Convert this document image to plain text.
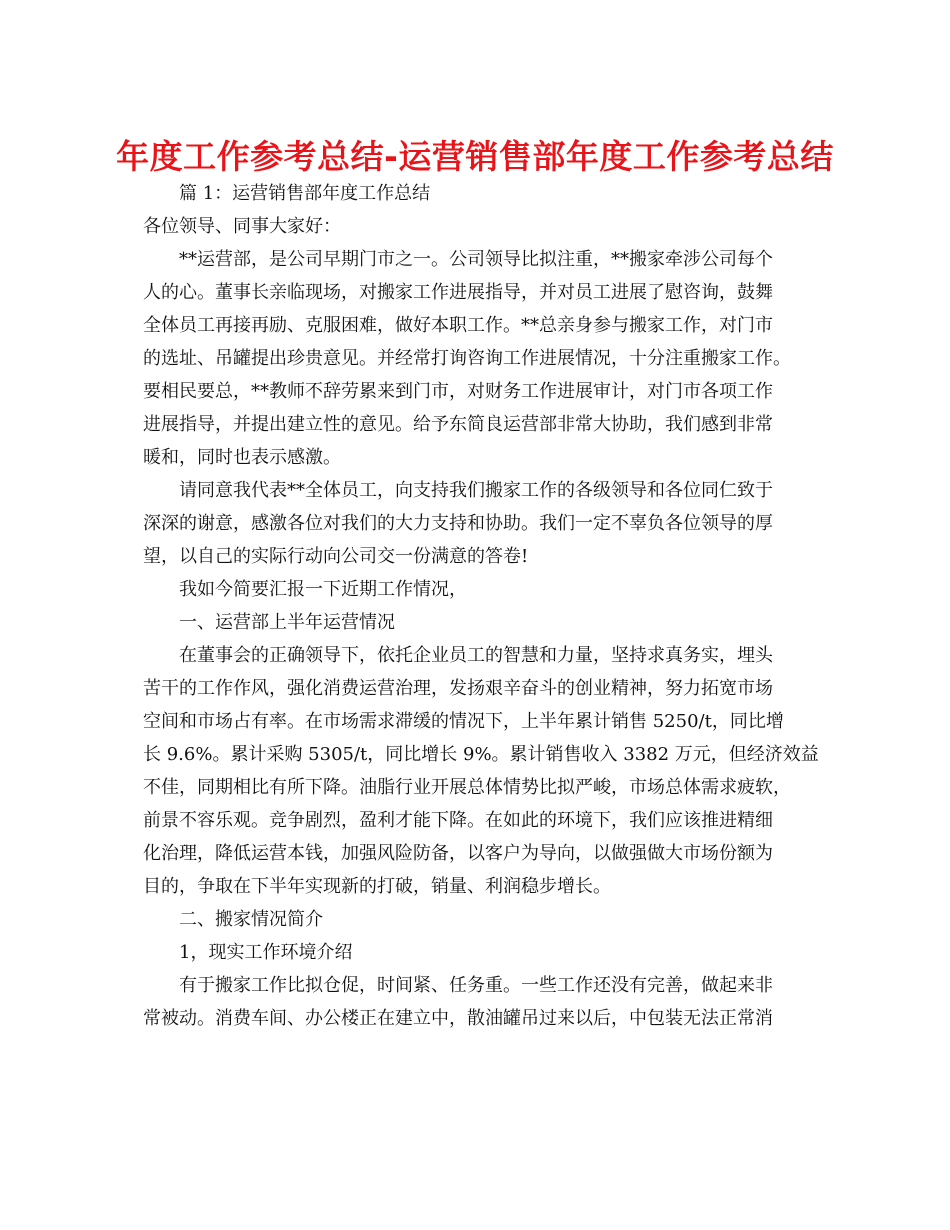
年度工作参考总结-运营销售部年度工作参考总结

篇 1：运营销售部年度工作总结

各位领导、同事大家好：

**运营部，是公司早期门市之一。公司领导比拟注重，**搬家牵涉公司每个

人的心。董事长亲临现场，对搬家工作进展指导，并对员工进展了慰咨询，鼓舞

全体员工再接再励、克服困难，做好本职工作。**总亲身参与搬家工作，对门市

的选址、吊罐提出珍贵意见。并经常打询咨询工作进展情况，十分注重搬家工作。

要相民要总，**教师不辞劳累来到门市，对财务工作进展审计，对门市各项工作

进展指导，并提出建立性的意见。给予东简良运营部非常大协助，我们感到非常

暖和，同时也表示感激。

请同意我代表**全体员工，向支持我们搬家工作的各级领导和各位同仁致于

深深的谢意，感激各位对我们的大力支持和协助。我们一定不辜负各位领导的厚

望，以自己的实际行动向公司交一份满意的答卷!

我如今简要汇报一下近期工作情况，

一、运营部上半年运营情况

在董事会的正确领导下，依托企业员工的智慧和力量，坚持求真务实，埋头

苦干的工作作风，强化消费运营治理，发扬艰辛奋斗的创业精神，努力拓宽市场

空间和市场占有率。在市场需求滞缓的情况下，上半年累计销售 5250/t，同比增

长 9.6%。累计采购 5305/t，同比增长 9%。累计销售收入 3382 万元，但经济效益

不佳，同期相比有所下降。油脂行业开展总体情势比拟严峻，市场总体需求疲软，

前景不容乐观。竞争剧烈，盈利才能下降。在如此的环境下，我们应该推进精细

化治理，降低运营本钱，加强风险防备，以客户为导向，以做强做大市场份额为

目的，争取在下半年实现新的打破，销量、利润稳步增长。

二、搬家情况简介

1，现实工作环境介绍

有于搬家工作比拟仓促，时间紧、任务重。一些工作还没有完善，做起来非

常被动。消费车间、办公楼正在建立中，散油罐吊过来以后，中包装无法正常消
